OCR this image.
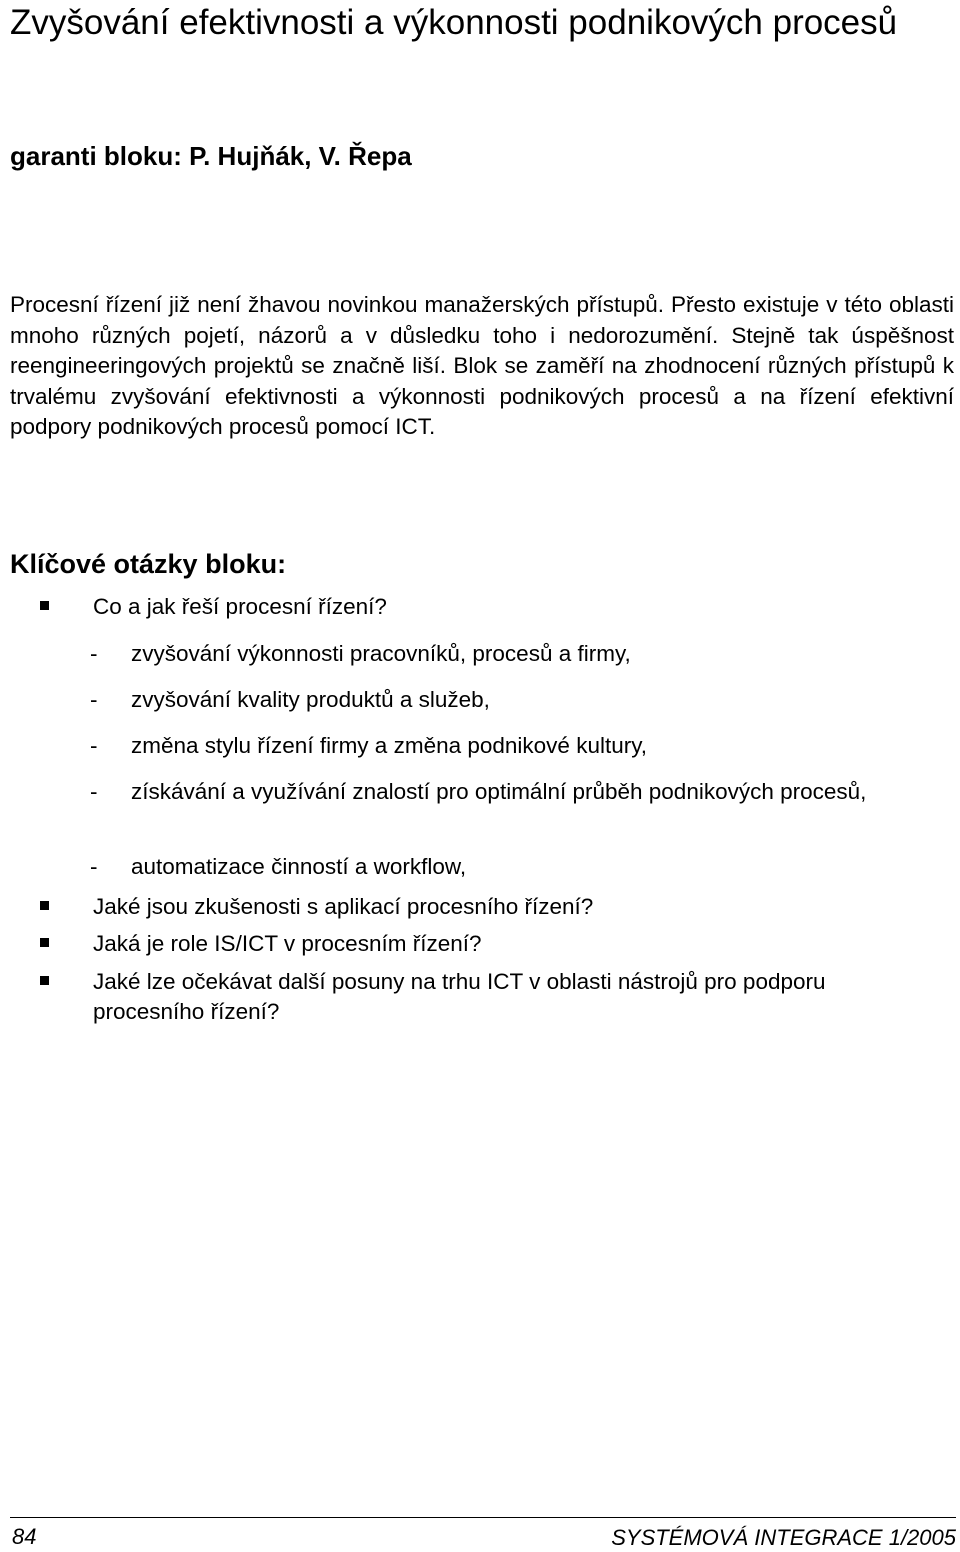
Zvyšování efektivnosti a výkonnosti podnikových procesů

garanti bloku: P. Hujňák, V. Řepa

Procesní řízení již není žhavou novinkou manažerských přístupů. Přesto existuje v této oblasti mnoho různých pojetí, názorů a v důsledku toho i nedorozumění. Stejně tak úspěšnost reengineeringových projektů se značně liší. Blok se zaměří na zhodnocení různých přístupů k trvalému zvyšování efektivnosti a výkonnosti podnikových procesů a na řízení efektivní podpory podnikových procesů pomocí ICT.

Klíčové otázky bloku:
Co a jak řeší procesní řízení?
- zvyšování výkonnosti pracovníků, procesů a firmy,
- zvyšování kvality produktů a služeb,
- změna stylu řízení firmy a změna podnikové kultury,
- získávání a využívání znalostí pro optimální průběh podnikových procesů,
- automatizace činností a workflow,
Jaké jsou zkušenosti s aplikací procesního řízení?
Jaká je role IS/ICT v procesním řízení?
Jaké lze očekávat další posuny na trhu ICT v oblasti nástrojů pro podporu procesního řízení?
84	SYSTÉMOVÁ INTEGRACE 1/2005
